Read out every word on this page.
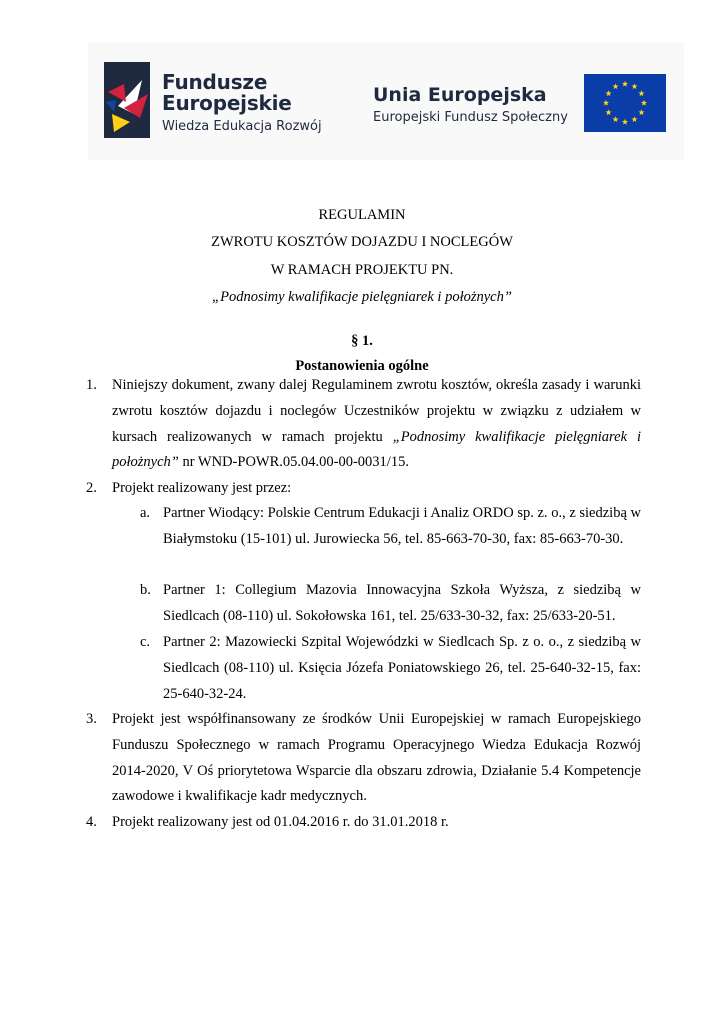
Fundusze
Europejskie
Wiedza Edukacja Rozwój
Unia Europejska
Europejski Fundusz Społeczny
REGULAMIN
ZWROTU KOSZTÓW DOJAZDU I NOCLEGÓW
W RAMACH PROJEKTU PN.
„Podnosimy kwalifikacje pielęgniarek i położnych”
§ 1.
Postanowienia ogólne
1. Niniejszy dokument, zwany dalej Regulaminem zwrotu kosztów, określa zasady i warunki zwrotu kosztów dojazdu i noclegów Uczestników projektu w związku z udziałem w kursach realizowanych w ramach projektu „Podnosimy kwalifikacje pielęgniarek i położnych” nr WND-POWR.05.04.00-00-0031/15.
2. Projekt realizowany jest przez:
a. Partner Wiodący: Polskie Centrum Edukacji i Analiz ORDO sp. z. o., z siedzibą w Białymstoku (15-101) ul. Jurowiecka 56, tel. 85-663-70-30, fax: 85-663-70-30.
b. Partner 1: Collegium Mazovia Innowacyjna Szkoła Wyższa, z siedzibą w Siedlcach (08-110) ul. Sokołowska 161, tel. 25/633-30-32, fax: 25/633-20-51.
c. Partner 2: Mazowiecki Szpital Wojewódzki w Siedlcach Sp. z o. o., z siedzibą w Siedlcach (08-110) ul. Księcia Józefa Poniatowskiego 26, tel. 25-640-32-15, fax: 25-640-32-24.
3. Projekt jest współfinansowany ze środków Unii Europejskiej w ramach Europejskiego Funduszu Społecznego w ramach Programu Operacyjnego Wiedza Edukacja Rozwój 2014-2020, V Oś priorytetowa Wsparcie dla obszaru zdrowia, Działanie 5.4 Kompetencje zawodowe i kwalifikacje kadr medycznych.
4. Projekt realizowany jest od 01.04.2016 r. do 31.01.2018 r.
